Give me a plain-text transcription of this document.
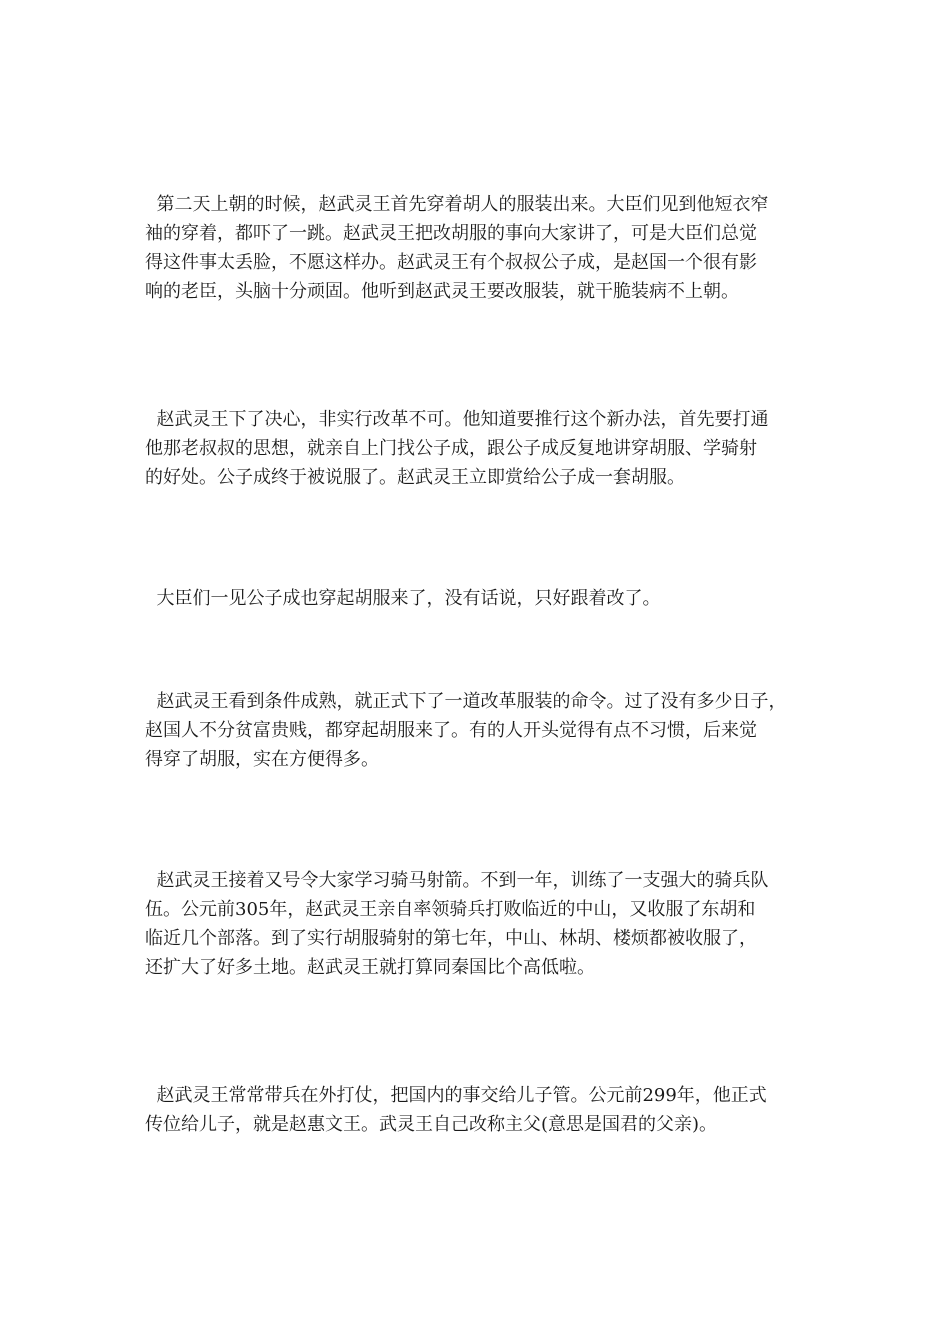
第二天上朝的时候，赵武灵王首先穿着胡人的服装出来。大臣们见到他短衣窄
袖的穿着，都吓了一跳。赵武灵王把改胡服的事向大家讲了，可是大臣们总觉
得这件事太丢脸，不愿这样办。赵武灵王有个叔叔公子成，是赵国一个很有影
响的老臣，头脑十分顽固。他听到赵武灵王要改服装，就干脆装病不上朝。

赵武灵王下了决心，非实行改革不可。他知道要推行这个新办法，首先要打通
他那老叔叔的思想，就亲自上门找公子成，跟公子成反复地讲穿胡服、学骑射
的好处。公子成终于被说服了。赵武灵王立即赏给公子成一套胡服。

大臣们一见公子成也穿起胡服来了，没有话说，只好跟着改了。

赵武灵王看到条件成熟，就正式下了一道改革服装的命令。过了没有多少日子，
赵国人不分贫富贵贱，都穿起胡服来了。有的人开头觉得有点不习惯，后来觉
得穿了胡服，实在方便得多。

赵武灵王接着又号令大家学习骑马射箭。不到一年，训练了一支强大的骑兵队
伍。公元前305年，赵武灵王亲自率领骑兵打败临近的中山，又收服了东胡和
临近几个部落。到了实行胡服骑射的第七年，中山、林胡、楼烦都被收服了，
还扩大了好多土地。赵武灵王就打算同秦国比个高低啦。

赵武灵王常常带兵在外打仗，把国内的事交给儿子管。公元前299年，他正式
传位给儿子，就是赵惠文王。武灵王自己改称主父(意思是国君的父亲)。
